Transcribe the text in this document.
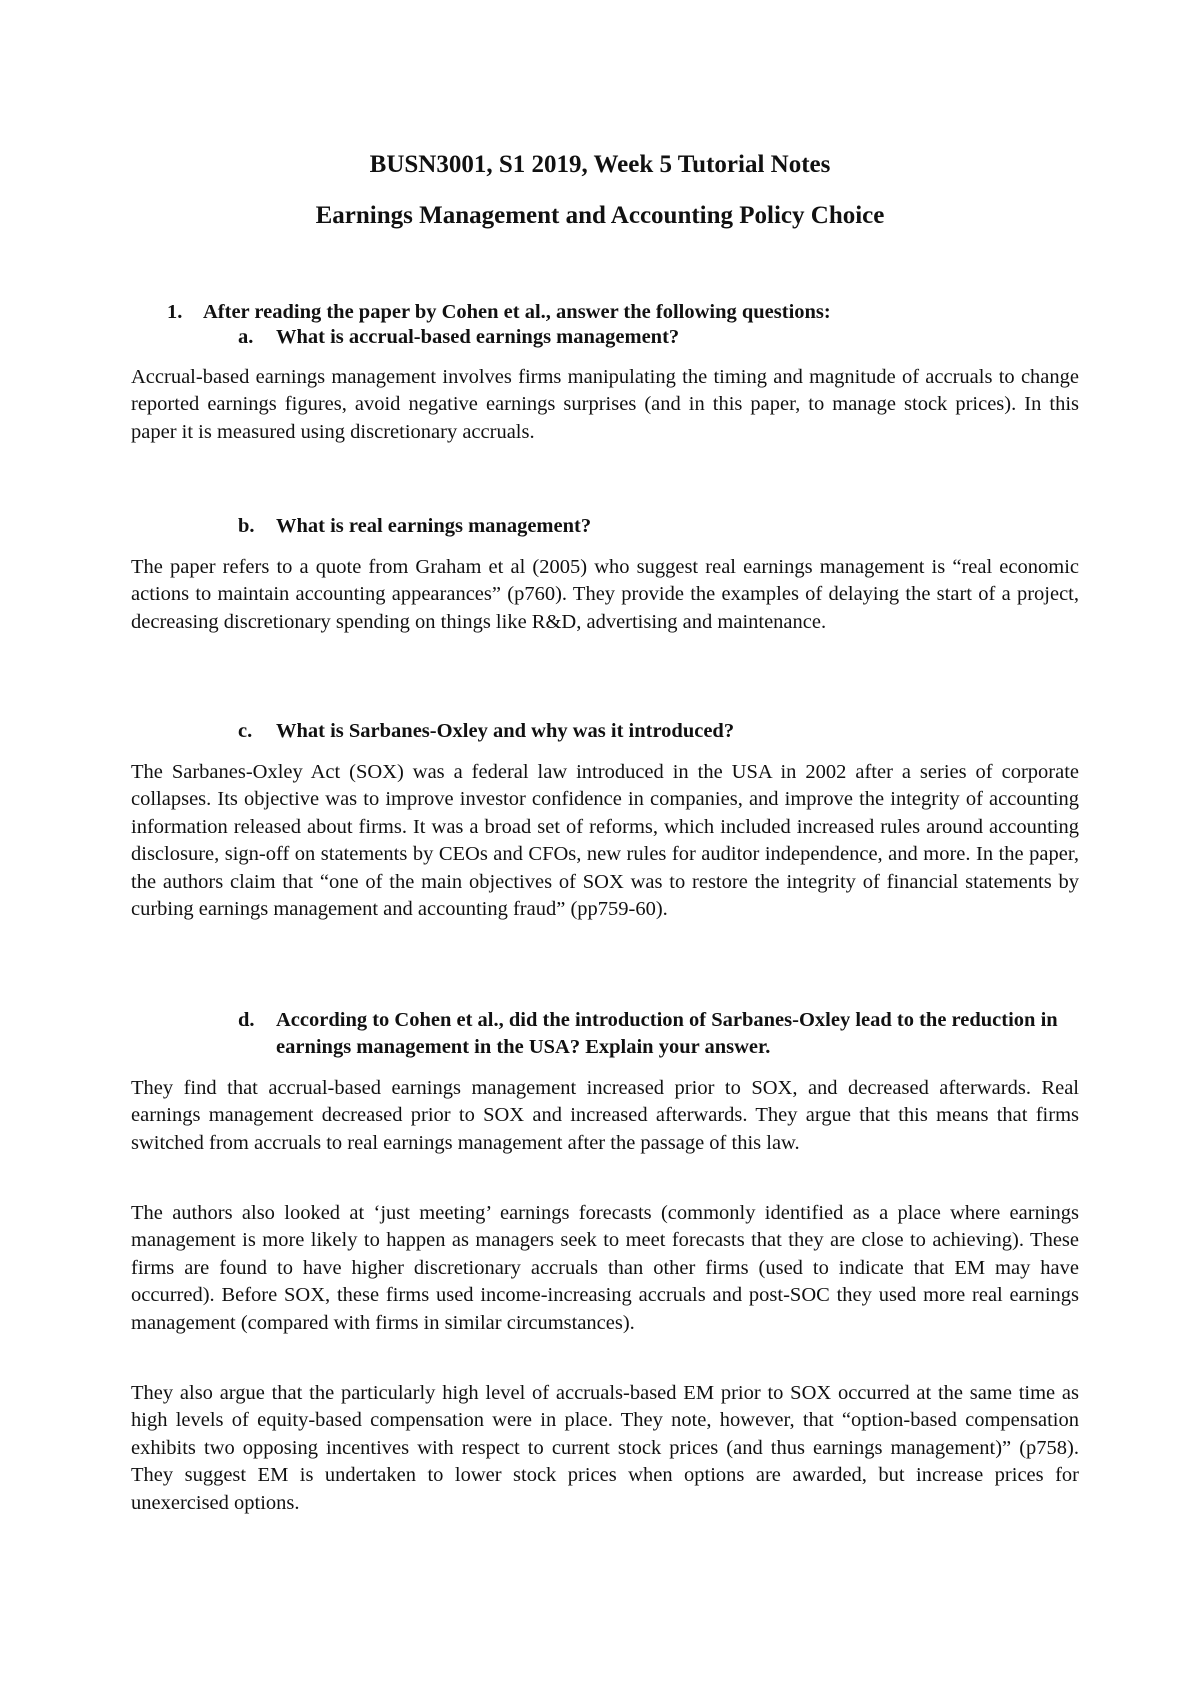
BUSN3001, S1 2019, Week 5 Tutorial Notes
Earnings Management and Accounting Policy Choice
1. After reading the paper by Cohen et al., answer the following questions:
a. What is accrual-based earnings management?

Accrual-based earnings management involves firms manipulating the timing and magnitude of accruals to change reported earnings figures, avoid negative earnings surprises (and in this paper, to manage stock prices). In this paper it is measured using discretionary accruals.

b. What is real earnings management?

The paper refers to a quote from Graham et al (2005) who suggest real earnings management is “real economic actions to maintain accounting appearances” (p760). They provide the examples of delaying the start of a project, decreasing discretionary spending on things like R&D, advertising and maintenance.

c. What is Sarbanes-Oxley and why was it introduced?

The Sarbanes-Oxley Act (SOX) was a federal law introduced in the USA in 2002 after a series of corporate collapses. Its objective was to improve investor confidence in companies, and improve the integrity of accounting information released about firms. It was a broad set of reforms, which included increased rules around accounting disclosure, sign-off on statements by CEOs and CFOs, new rules for auditor independence, and more. In the paper, the authors claim that “one of the main objectives of SOX was to restore the integrity of financial statements by curbing earnings management and accounting fraud” (pp759-60).

d. According to Cohen et al., did the introduction of Sarbanes-Oxley lead to the reduction in earnings management in the USA? Explain your answer.

They find that accrual-based earnings management increased prior to SOX, and decreased afterwards. Real earnings management decreased prior to SOX and increased afterwards. They argue that this means that firms switched from accruals to real earnings management after the passage of this law.

The authors also looked at ‘just meeting’ earnings forecasts (commonly identified as a place where earnings management is more likely to happen as managers seek to meet forecasts that they are close to achieving). These firms are found to have higher discretionary accruals than other firms (used to indicate that EM may have occurred). Before SOX, these firms used income-increasing accruals and post-SOC they used more real earnings management (compared with firms in similar circumstances).

They also argue that the particularly high level of accruals-based EM prior to SOX occurred at the same time as high levels of equity-based compensation were in place. They note, however, that “option-based compensation exhibits two opposing incentives with respect to current stock prices (and thus earnings management)” (p758). They suggest EM is undertaken to lower stock prices when options are awarded, but increase prices for unexercised options.
